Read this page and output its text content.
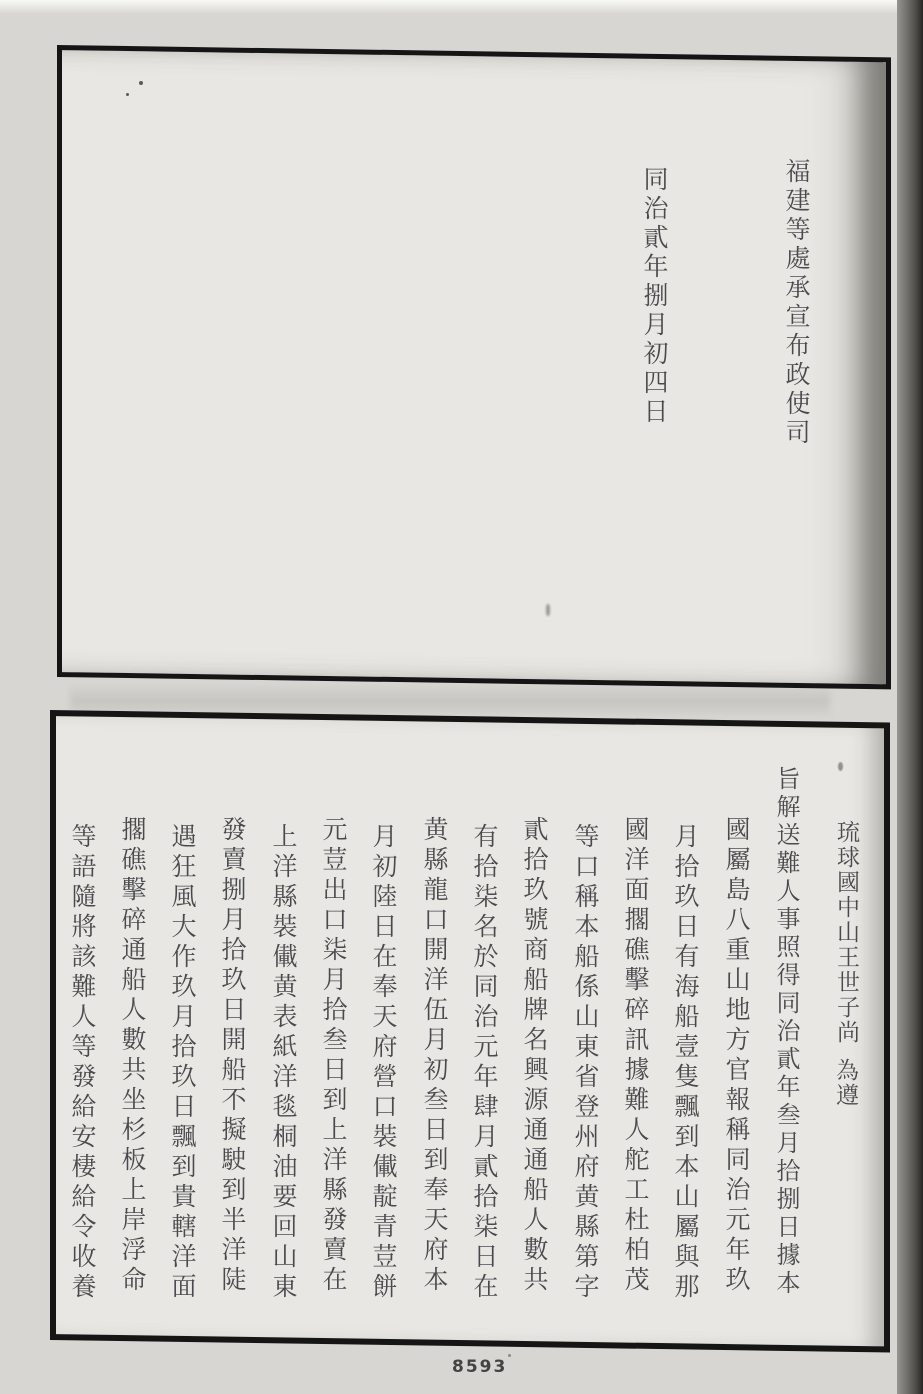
福建等處承宣布政使司
同治貳年捌月初四日
琉球國中山王世子尚
為遵
旨解送難人事照得同治貳年叁月拾捌日據本
國屬島八重山地方官報稱同治元年玖
月拾玖日有海船壹隻飄到本山屬與那
國洋面擱礁擊碎訊據難人舵工杜柏茂
等口稱本船係山東省登州府黄縣第字
貳拾玖號商船牌名興源通通船人數共
有拾柒名於同治元年肆月貳拾柒日在
黄縣龍口開洋伍月初叁日到奉天府本
月初陸日在奉天府營口裝儎靛青荳餅
元荳出口柒月拾叁日到上洋縣發賣在
上洋縣裝儎黄表紙洋毯桐油要回山東
發賣捌月拾玖日開船不擬駛到半洋陡
遇狂風大作玖月拾玖日飄到貴轄洋面
擱礁擊碎通船人數共坐杉板上岸浮命
等語隨將該難人等發給安棲給令收養
8593
